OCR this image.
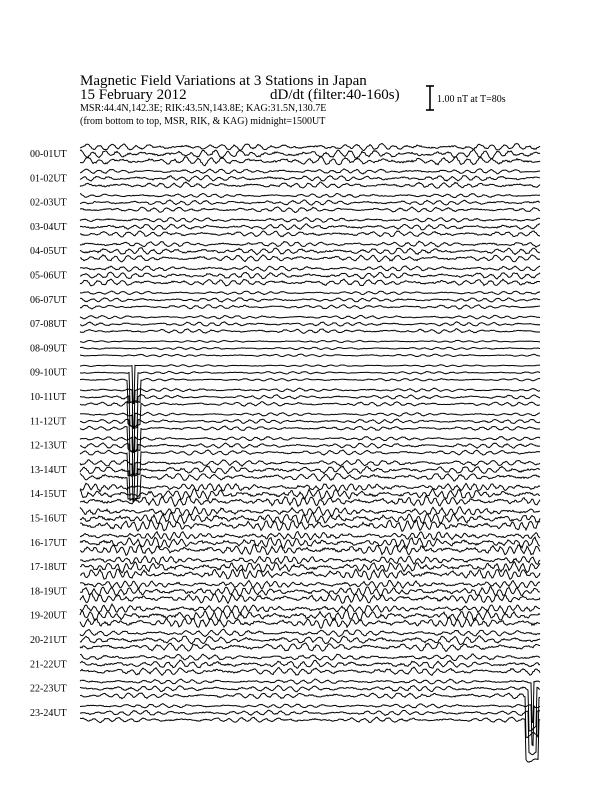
Magnetic Field Variations at 3 Stations in Japan
15 February 2012	dD/dt (filter:40-160s)
MSR:44.4N,142.3E; RIK:43.5N,143.8E; KAG:31.5N,130.7E
(from bottom to top, MSR, RIK, & KAG) midnight=1500UT
1.00 nT at T=80s
00-01UT
01-02UT
02-03UT
03-04UT
04-05UT
05-06UT
06-07UT
07-08UT
08-09UT
09-10UT
10-11UT
11-12UT
12-13UT
13-14UT
14-15UT
15-16UT
16-17UT
17-18UT
18-19UT
19-20UT
20-21UT
21-22UT
22-23UT
23-24UT
